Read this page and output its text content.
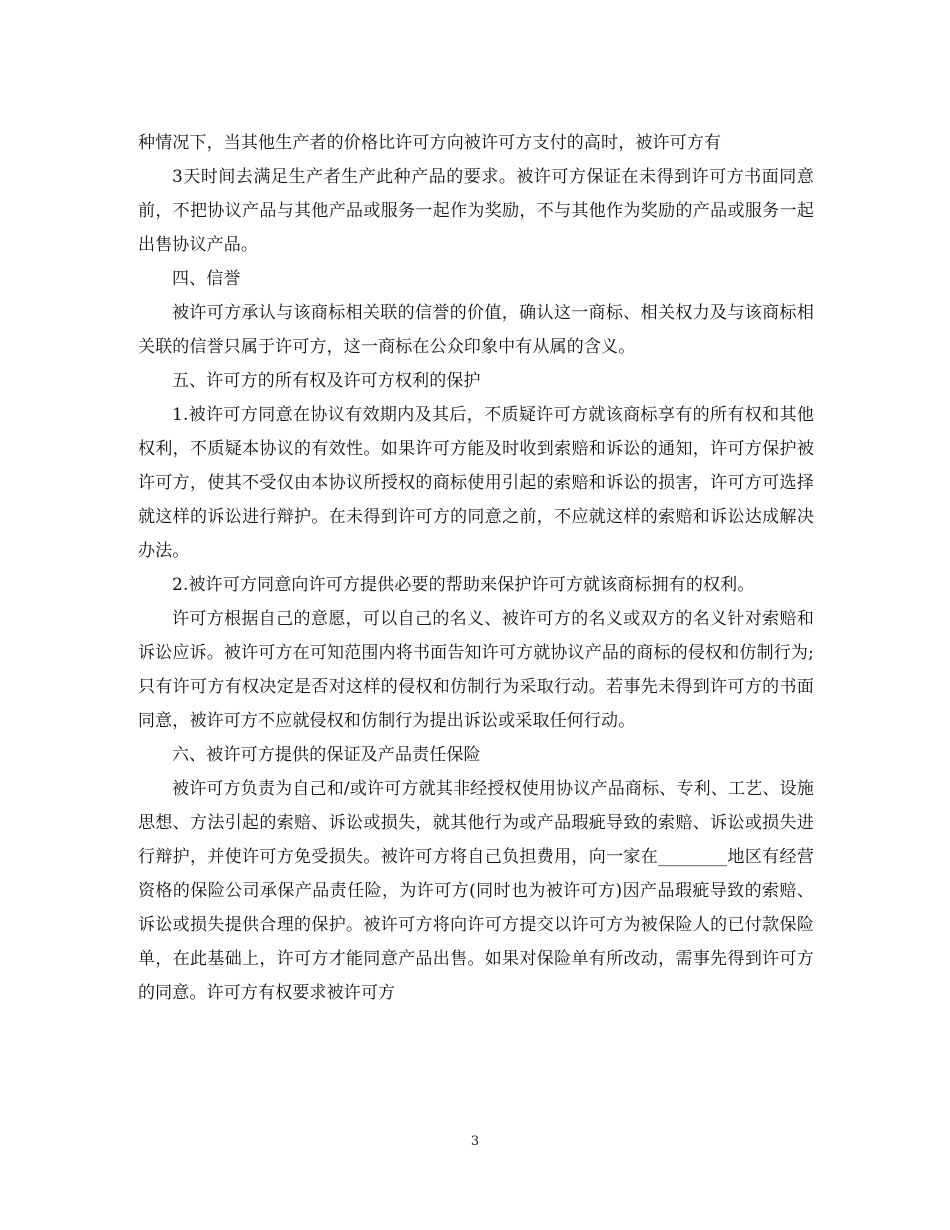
种情况下，当其他生产者的价格比许可方向被许可方支付的高时，被许可方有

3天时间去满足生产者生产此种产品的要求。被许可方保证在未得到许可方书面同意前，不把协议产品与其他产品或服务一起作为奖励，不与其他作为奖励的产品或服务一起出售协议产品。

四、信誉

被许可方承认与该商标相关联的信誉的价值，确认这一商标、相关权力及与该商标相关联的信誉只属于许可方，这一商标在公众印象中有从属的含义。

五、许可方的所有权及许可方权利的保护

1.被许可方同意在协议有效期内及其后，不质疑许可方就该商标享有的所有权和其他权利，不质疑本协议的有效性。如果许可方能及时收到索赔和诉讼的通知，许可方保护被许可方，使其不受仅由本协议所授权的商标使用引起的索赔和诉讼的损害，许可方可选择就这样的诉讼进行辩护。在未得到许可方的同意之前，不应就这样的索赔和诉讼达成解决办法。

2.被许可方同意向许可方提供必要的帮助来保护许可方就该商标拥有的权利。

许可方根据自己的意愿，可以自己的名义、被许可方的名义或双方的名义针对索赔和诉讼应诉。被许可方在可知范围内将书面告知许可方就协议产品的商标的侵权和仿制行为;只有许可方有权决定是否对这样的侵权和仿制行为采取行动。若事先未得到许可方的书面同意，被许可方不应就侵权和仿制行为提出诉讼或采取任何行动。

六、被许可方提供的保证及产品责任保险

被许可方负责为自己和/或许可方就其非经授权使用协议产品商标、专利、工艺、设施思想、方法引起的索赔、诉讼或损失，就其他行为或产品瑕疵导致的索赔、诉讼或损失进行辩护，并使许可方免受损失。被许可方将自己负担费用，向一家在________地区有经营资格的保险公司承保产品责任险，为许可方(同时也为被许可方)因产品瑕疵导致的索赔、诉讼或损失提供合理的保护。被许可方将向许可方提交以许可方为被保险人的已付款保险单，在此基础上，许可方才能同意产品出售。如果对保险单有所改动，需事先得到许可方的同意。许可方有权要求被许可方

3
